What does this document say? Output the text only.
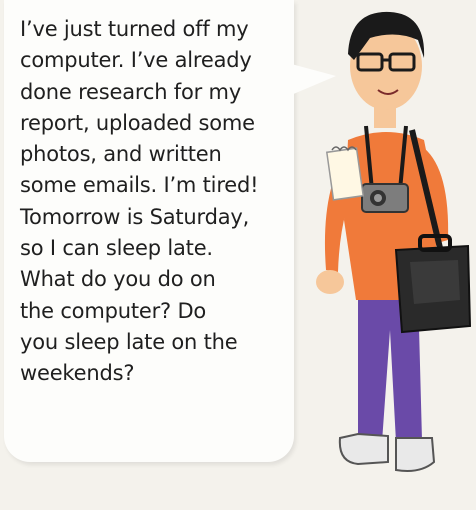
I’ve just turned off my
computer. I’ve already
done research for my
report, uploaded some
photos, and written
some emails. I’m tired!
Tomorrow is Saturday,
so I can sleep late.
What do you do on
the computer? Do
you sleep late on the
weekends?
